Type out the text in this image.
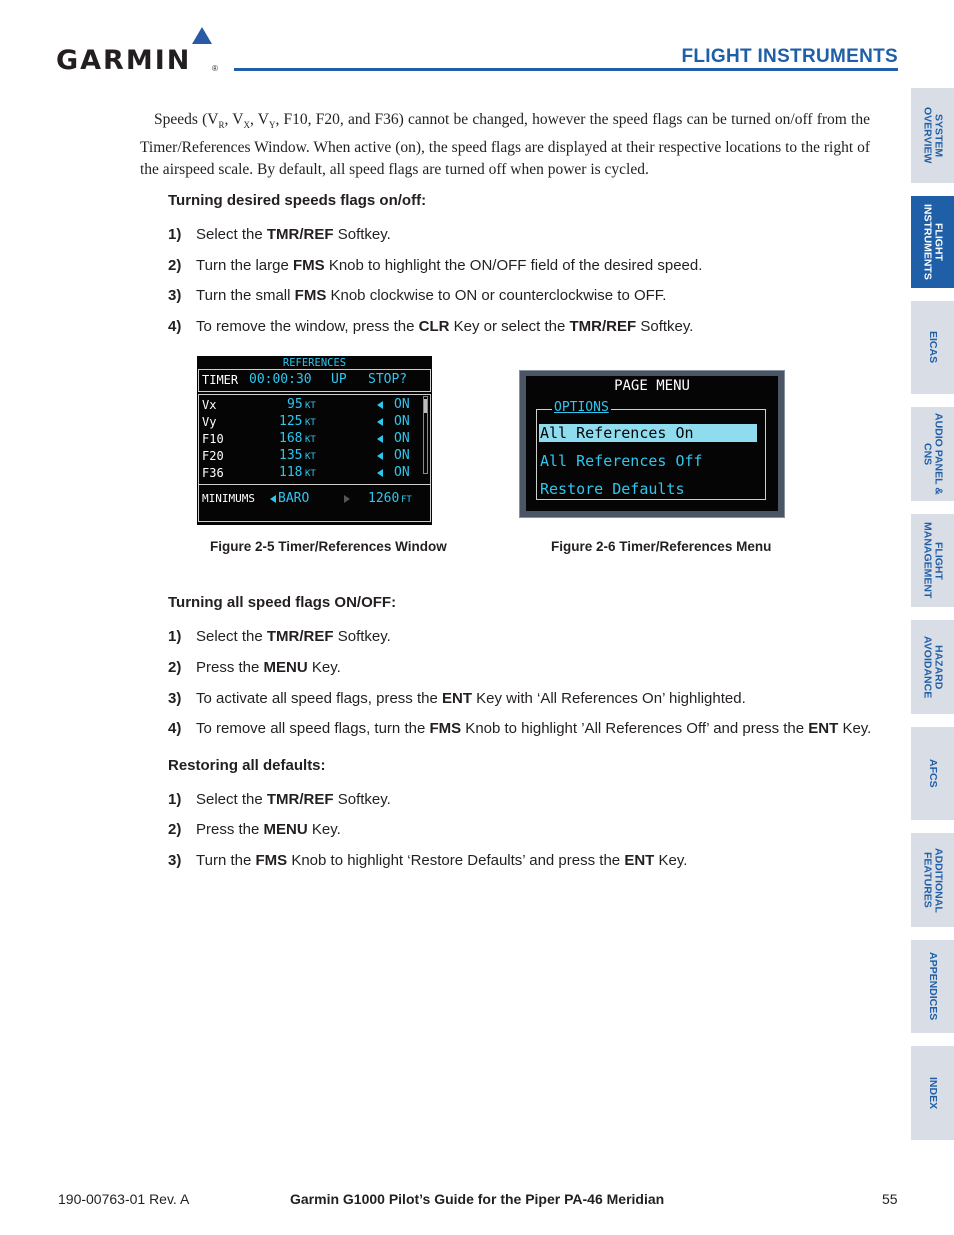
GARMIN	®
FLIGHT INSTRUMENTS
SYSTEM OVERVIEW
FLIGHT INSTRUMENTS
EICAS
AUDIO PANEL & CNS
FLIGHT MANAGEMENT
HAZARD AVOIDANCE
AFCS
ADDITIONAL FEATURES
APPENDICES
INDEX
Speeds ($V_R$, $V_X$, $V_Y$, F10, F20, and F36) cannot be changed, however the speed flags can be turned on/off from the Timer/References Window. When active (on), the speed flags are displayed at their respective locations to the right of the airspeed scale. By default, all speed flags are turned off when power is cycled.
Turning desired speeds flags on/off:
1) Select the TMR/REF Softkey.
2) Turn the large FMS Knob to highlight the ON/OFF field of the desired speed.
3) Turn the small FMS Knob clockwise to ON or counterclockwise to OFF.
4) To remove the window, press the CLR Key or select the TMR/REF Softkey.
REFERENCES
TIMER 00:00:30 UP STOP?
Vx	95 KT	ON
Vy	125 KT	ON
F10	168 KT	ON
F20	135 KT	ON
F36	118 KT	ON
MINIMUMS BARO	1260 FT
PAGE MENU
OPTIONS
All References On
All References Off
Restore Defaults
Figure 2-5 Timer/References Window	Figure 2-6 Timer/References Menu
Turning all speed flags ON/OFF:
1) Select the TMR/REF Softkey.
2) Press the MENU Key.
3) To activate all speed flags, press the ENT Key with ‘All References On’ highlighted.
4) To remove all speed flags, turn the FMS Knob to highlight ’All References Off’ and press the ENT Key.
Restoring all defaults:
1) Select the TMR/REF Softkey.
2) Press the MENU Key.
3) Turn the FMS Knob to highlight ‘Restore Defaults’ and press the ENT Key.
190-00763-01 Rev. A	Garmin G1000 Pilot’s Guide for the Piper PA-46 Meridian	55
